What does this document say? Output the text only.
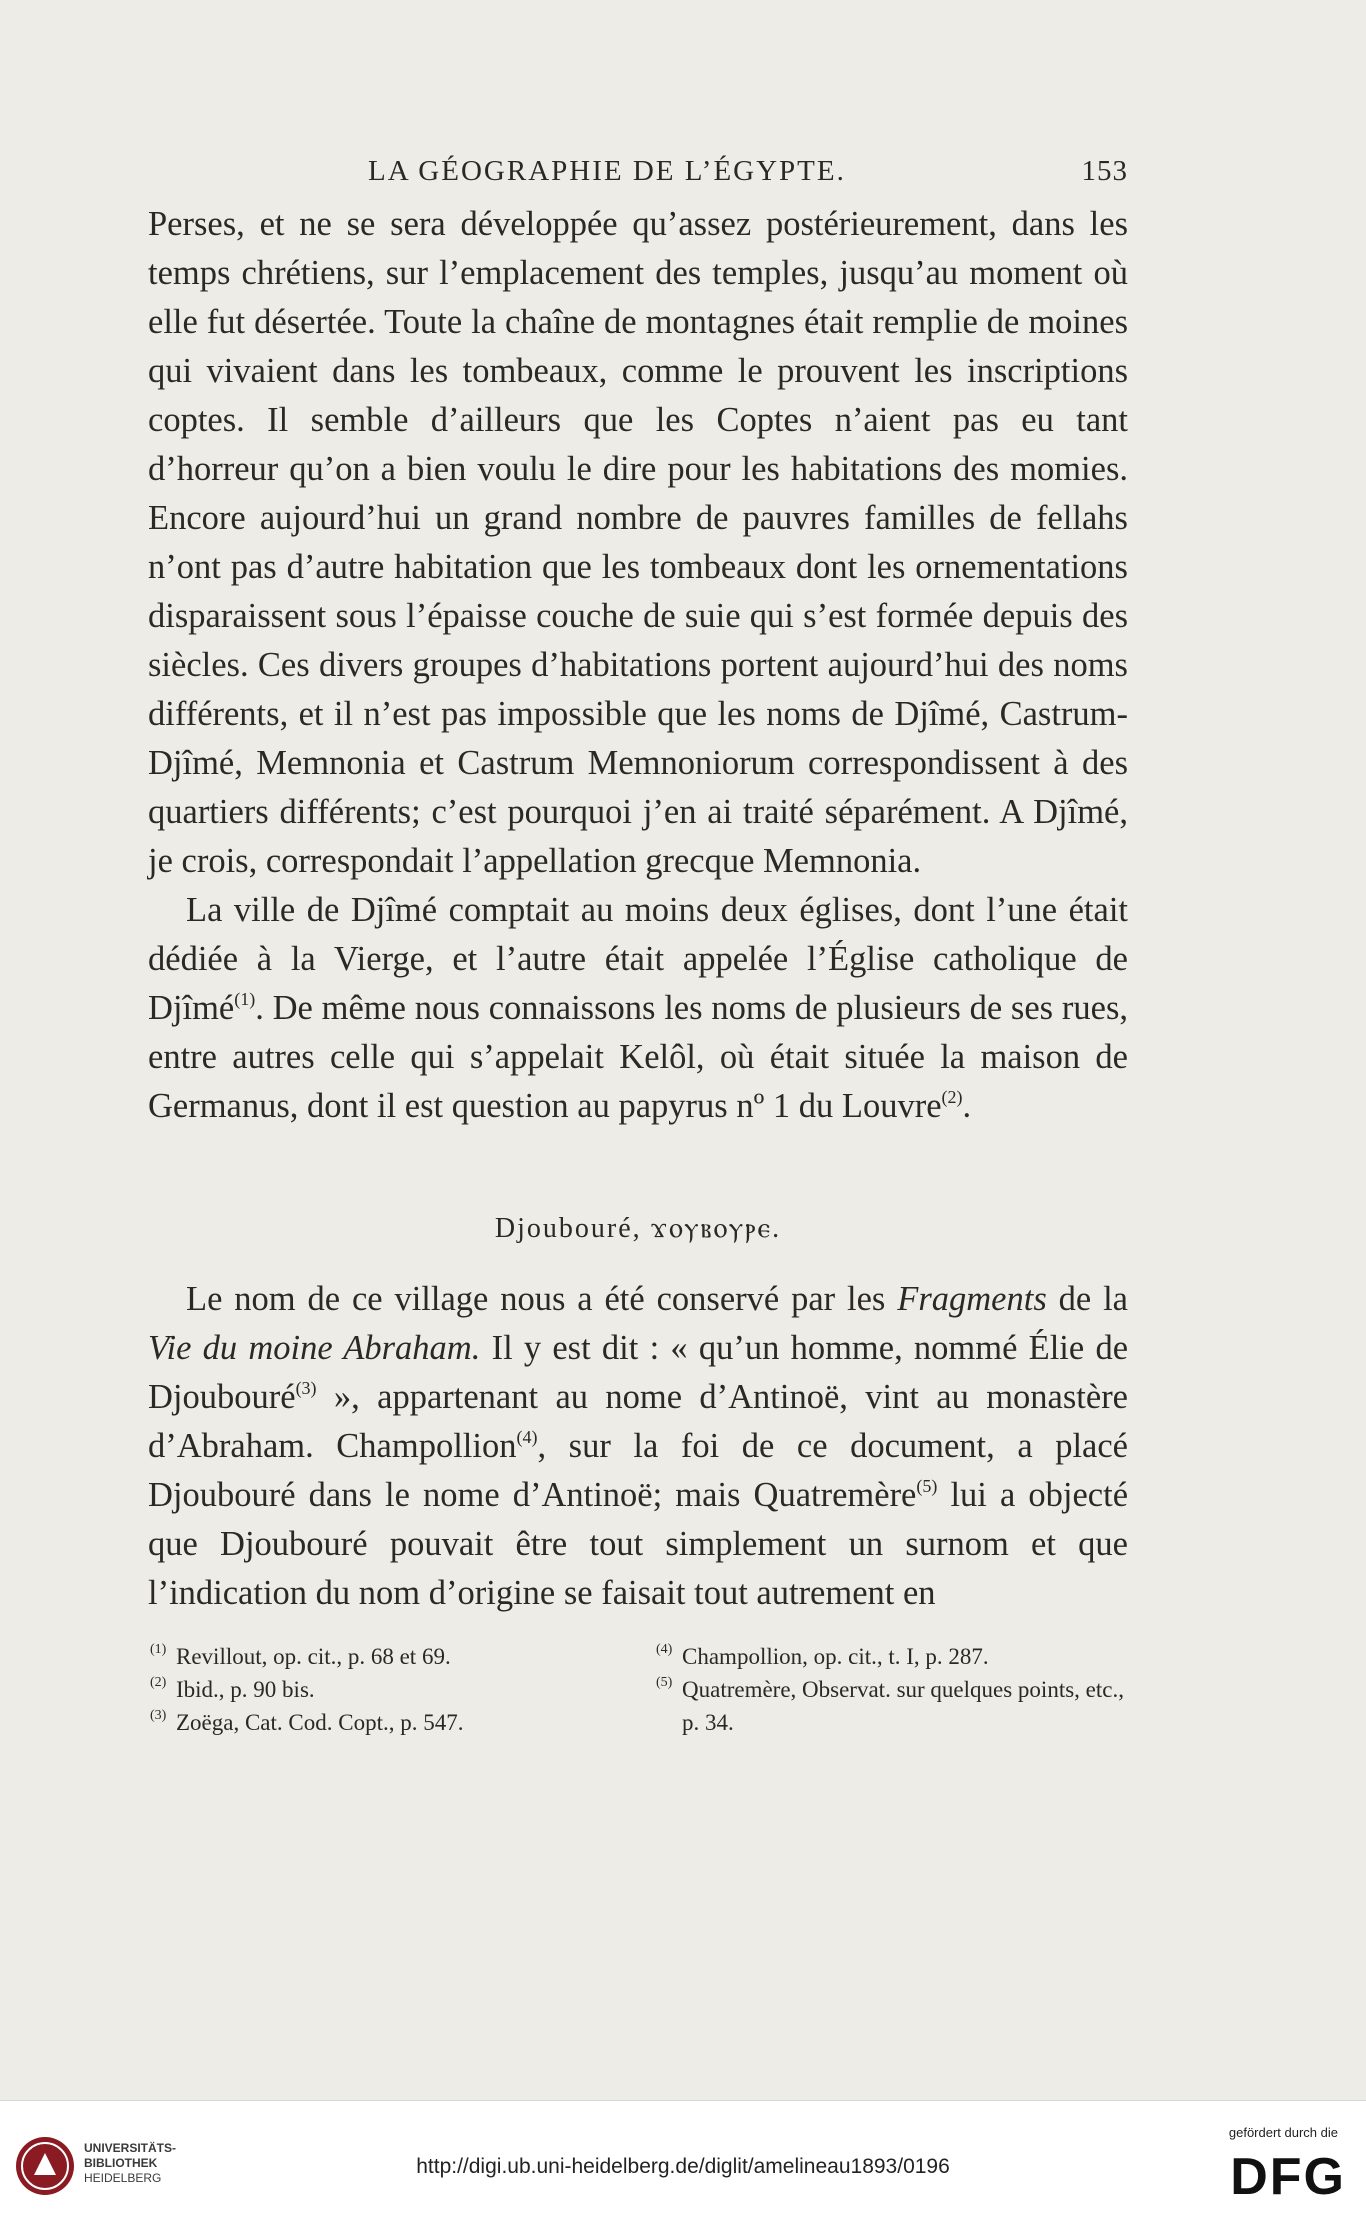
LA GÉOGRAPHIE DE L’ÉGYPTE.	153

Perses, et ne se sera développée qu’assez postérieurement, dans les temps chrétiens, sur l’emplacement des temples, jusqu’au moment où elle fut désertée. Toute la chaîne de montagnes était remplie de moines qui vivaient dans les tombeaux, comme le prouvent les inscriptions coptes. Il semble d’ailleurs que les Coptes n’aient pas eu tant d’horreur qu’on a bien voulu le dire pour les habitations des momies. Encore aujourd’hui un grand nombre de pauvres familles de fellahs n’ont pas d’autre habitation que les tombeaux dont les ornementations disparaissent sous l’épaisse couche de suie qui s’est formée depuis des siècles. Ces divers groupes d’habitations portent aujourd’hui des noms différents, et il n’est pas impossible que les noms de Djîmé, Castrum-Djîmé, Memnonia et Castrum Memnoniorum correspondissent à des quartiers différents; c’est pourquoi j’en ai traité séparément. A Djîmé, je crois, correspondait l’appellation grecque Memnonia.

La ville de Djîmé comptait au moins deux églises, dont l’une était dédiée à la Vierge, et l’autre était appelée l’Église catholique de Djîmé$^{(1)}$. De même nous connaissons les noms de plusieurs de ses rues, entre autres celle qui s’appelait Kelôl, où était située la maison de Germanus, dont il est question au papyrus nº 1 du Louvre$^{(2)}$.

Djoubouré, ϫⲟⲩⲃⲟⲩⲣⲉ.

Le nom de ce village nous a été conservé par les Fragments de la Vie du moine Abraham. Il y est dit : « qu’un homme, nommé Élie de Djoubouré$^{(3)}$ », appartenant au nome d’Antinoë, vint au monastère d’Abraham. Champollion$^{(4)}$, sur la foi de ce document, a placé Djoubouré dans le nome d’Antinoë; mais Quatremère$^{(5)}$ lui a objecté que Djoubouré pouvait être tout simplement un surnom et que l’indication du nom d’origine se faisait tout autrement en

(1) Revillout, op. cit., p. 68 et 69.

(2) Ibid., p. 90 bis.

(3) Zoëga, Cat. Cod. Copt., p. 547.

(4) Champollion, op. cit., t. I, p. 287.

(5) Quatremère, Observat. sur quelques points, etc., p. 34.

UNIVERSITÄTS-
BIBLIOTHEK
HEIDELBERG	http://digi.ub.uni-heidelberg.de/diglit/amelineau1893/0196
gefördert durch die
DFG
